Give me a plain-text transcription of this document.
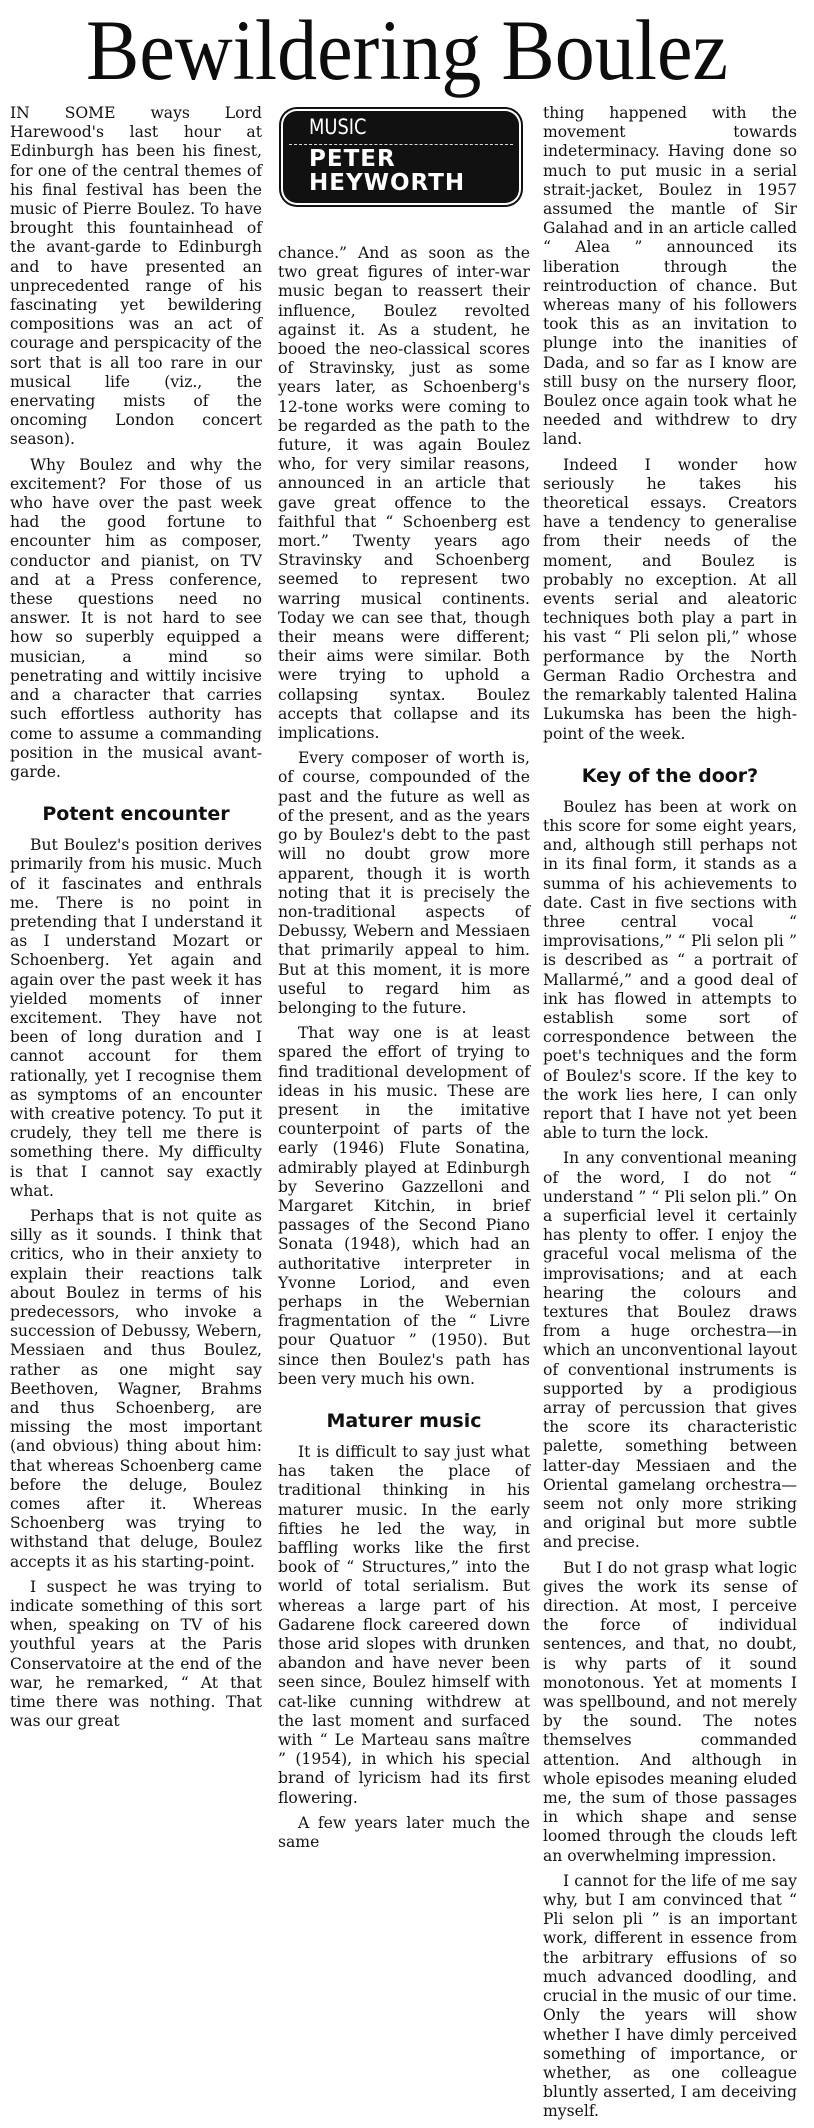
Bewildering Boulez
MUSIC
PETER
HEYWORTH

IN SOME ways Lord Harewood's last hour at Edinburgh has been his finest, for one of the central themes of his final festival has been the music of Pierre Boulez. To have brought this fountainhead of the avant-garde to Edinburgh and to have presented an unprecedented range of his fascinating yet bewildering compositions was an act of courage and perspicacity of the sort that is all too rare in our musical life (viz., the enervating mists of the oncoming London concert season).

Why Boulez and why the excitement? For those of us who have over the past week had the good fortune to encounter him as composer, conductor and pianist, on TV and at a Press conference, these questions need no answer. It is not hard to see how so superbly equipped a musician, a mind so penetrating and wittily incisive and a character that carries such effortless authority has come to assume a commanding position in the musical avant-garde.

Potent encounter

But Boulez's position derives primarily from his music. Much of it fascinates and enthrals me. There is no point in pretending that I understand it as I understand Mozart or Schoenberg. Yet again and again over the past week it has yielded moments of inner excitement. They have not been of long duration and I cannot account for them rationally, yet I recognise them as symptoms of an encounter with creative potency. To put it crudely, they tell me there is something there. My difficulty is that I cannot say exactly what.

Perhaps that is not quite as silly as it sounds. I think that critics, who in their anxiety to explain their reactions talk about Boulez in terms of his predecessors, who invoke a succession of Debussy, Webern, Messiaen and thus Boulez, rather as one might say Beethoven, Wagner, Brahms and thus Schoenberg, are missing the most important (and obvious) thing about him: that whereas Schoenberg came before the deluge, Boulez comes after it. Whereas Schoenberg was trying to withstand that deluge, Boulez accepts it as his starting-point.

I suspect he was trying to indicate something of this sort when, speaking on TV of his youthful years at the Paris Conservatoire at the end of the war, he remarked, “ At that time there was nothing. That was our great

chance.” And as soon as the two great figures of inter-war music began to reassert their influence, Boulez revolted against it. As a student, he booed the neo-classical scores of Stravinsky, just as some years later, as Schoenberg's 12-tone works were coming to be regarded as the path to the future, it was again Boulez who, for very similar reasons, announced in an article that gave great offence to the faithful that “ Schoenberg est mort.” Twenty years ago Stravinsky and Schoenberg seemed to represent two warring musical continents. Today we can see that, though their means were different; their aims were similar. Both were trying to uphold a collapsing syntax. Boulez accepts that collapse and its implications.

Every composer of worth is, of course, compounded of the past and the future as well as of the present, and as the years go by Boulez's debt to the past will no doubt grow more apparent, though it is worth noting that it is precisely the non-traditional aspects of Debussy, Webern and Messiaen that primarily appeal to him. But at this moment, it is more useful to regard him as belonging to the future.

That way one is at least spared the effort of trying to find traditional development of ideas in his music. These are present in the imitative counterpoint of parts of the early (1946) Flute Sonatina, admirably played at Edinburgh by Severino Gazzelloni and Margaret Kitchin, in brief passages of the Second Piano Sonata (1948), which had an authoritative interpreter in Yvonne Loriod, and even perhaps in the Webernian fragmentation of the “ Livre pour Quatuor ” (1950). But since then Boulez's path has been very much his own.

Maturer music

It is difficult to say just what has taken the place of traditional thinking in his maturer music. In the early fifties he led the way, in baffling works like the first book of “ Structures,” into the world of total serialism. But whereas a large part of his Gadarene flock careered down those arid slopes with drunken abandon and have never been seen since, Boulez himself with cat-like cunning withdrew at the last moment and surfaced with “ Le Marteau sans maître ” (1954), in which his special brand of lyricism had its first flowering.

A few years later much the same

thing happened with the movement towards indeterminacy. Having done so much to put music in a serial strait-jacket, Boulez in 1957 assumed the mantle of Sir Galahad and in an article called “ Alea ” announced its liberation through the reintroduction of chance. But whereas many of his followers took this as an invitation to plunge into the inanities of Dada, and so far as I know are still busy on the nursery floor, Boulez once again took what he needed and withdrew to dry land.

Indeed I wonder how seriously he takes his theoretical essays. Creators have a tendency to generalise from their needs of the moment, and Boulez is probably no exception. At all events serial and aleatoric techniques both play a part in his vast “ Pli selon pli,” whose performance by the North German Radio Orchestra and the remarkably talented Halina Lukumska has been the high-point of the week.

Key of the door?

Boulez has been at work on this score for some eight years, and, although still perhaps not in its final form, it stands as a summa of his achievements to date. Cast in five sections with three central vocal “ improvisations,” “ Pli selon pli ” is described as “ a portrait of Mallarmé,” and a good deal of ink has flowed in attempts to establish some sort of correspondence between the poet's techniques and the form of Boulez's score. If the key to the work lies here, I can only report that I have not yet been able to turn the lock.

In any conventional meaning of the word, I do not “ understand ” “ Pli selon pli.” On a superficial level it certainly has plenty to offer. I enjoy the graceful vocal melisma of the improvisations; and at each hearing the colours and textures that Boulez draws from a huge orchestra—in which an unconventional layout of conventional instruments is supported by a prodigious array of percussion that gives the score its characteristic palette, something between latter-day Messiaen and the Oriental gamelang orchestra—seem not only more striking and original but more subtle and precise.

But I do not grasp what logic gives the work its sense of direction. At most, I perceive the force of individual sentences, and that, no doubt, is why parts of it sound monotonous. Yet at moments I was spellbound, and not merely by the sound. The notes themselves commanded attention. And although in whole episodes meaning eluded me, the sum of those passages in which shape and sense loomed through the clouds left an overwhelming impression.

I cannot for the life of me say why, but I am convinced that “ Pli selon pli ” is an important work, different in essence from the arbitrary effusions of so much advanced doodling, and crucial in the music of our time. Only the years will show whether I have dimly perceived something of importance, or whether, as one colleague bluntly asserted, I am deceiving myself.
